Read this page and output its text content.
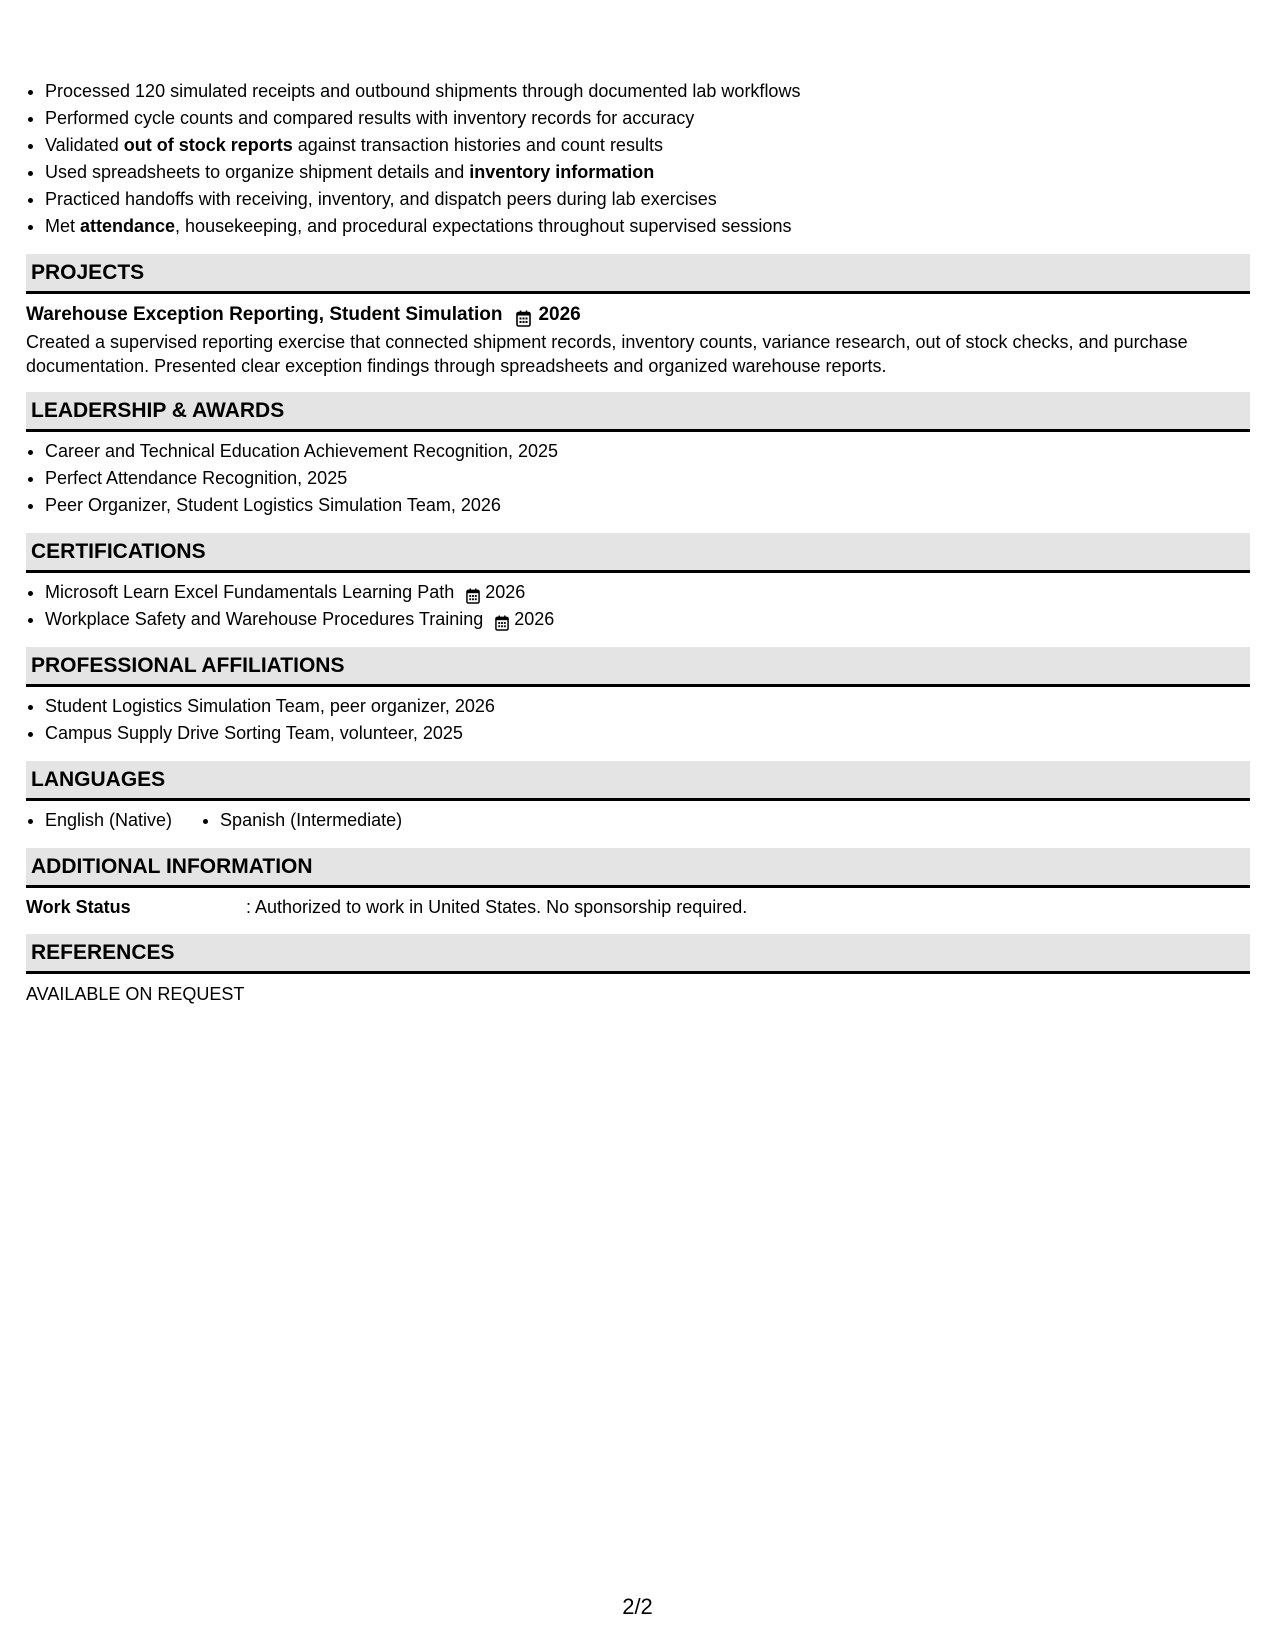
• Processed 120 simulated receipts and outbound shipments through documented lab workflows
• Performed cycle counts and compared results with inventory records for accuracy
• Validated out of stock reports against transaction histories and count results
• Used spreadsheets to organize shipment details and inventory information
• Practiced handoffs with receiving, inventory, and dispatch peers during lab exercises
• Met attendance, housekeeping, and procedural expectations throughout supervised sessions
PROJECTS
Warehouse Exception Reporting, Student Simulation 2026
Created a supervised reporting exercise that connected shipment records, inventory counts, variance research, out of stock checks, and purchase documentation. Presented clear exception findings through spreadsheets and organized warehouse reports.
LEADERSHIP & AWARDS
• Career and Technical Education Achievement Recognition, 2025
• Perfect Attendance Recognition, 2025
• Peer Organizer, Student Logistics Simulation Team, 2026
CERTIFICATIONS
• Microsoft Learn Excel Fundamentals Learning Path 2026
• Workplace Safety and Warehouse Procedures Training 2026
PROFESSIONAL AFFILIATIONS
• Student Logistics Simulation Team, peer organizer, 2026
• Campus Supply Drive Sorting Team, volunteer, 2025
LANGUAGES
• English (Native)
•	Spanish (Intermediate)
ADDITIONAL INFORMATION
Work Status	: Authorized to work in United States. No sponsorship required.
REFERENCES
AVAILABLE ON REQUEST
2/2
